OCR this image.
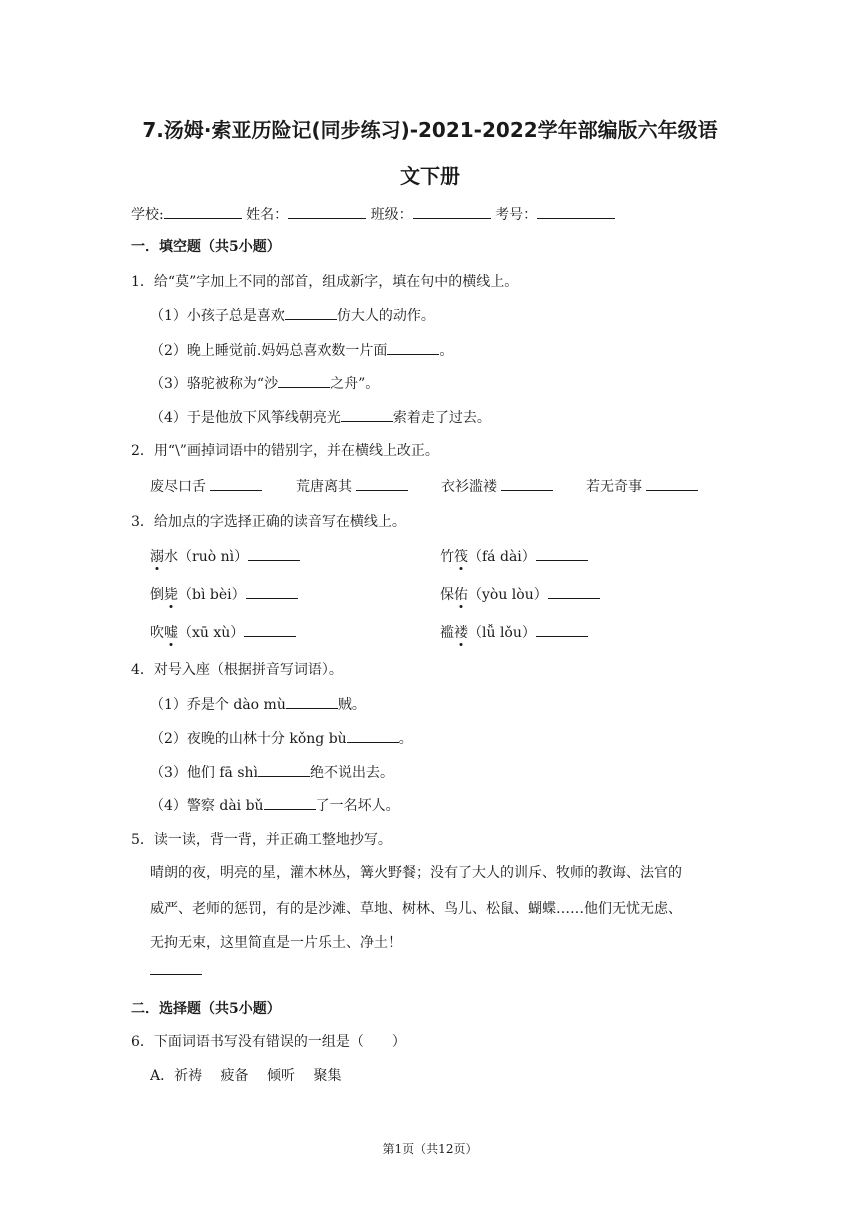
7.汤姆·索亚历险记(同步练习)-2021-2022学年部编版六年级语
文下册
学校:	姓名：	班级：	考号：
一．填空题（共5小题）
1．给“莫”字加上不同的部首，组成新字，填在句中的横线上。
（1）小孩子总是喜欢	仿大人的动作。
（2）晚上睡觉前.妈妈总喜欢数一片面	。
（3）骆驼被称为“沙	之舟”。
（4）于是他放下风筝线朝亮光	索着走了过去。
2．用“\”画掉词语中的错别字，并在横线上改正。
废尽口舌	荒唐离其	衣衫滥褛	若无奇事
3．给加点的字选择正确的读音写在横线上。
溺水（ruò nì）	竹筏（fá dài）
倒毙（bì bèi）	保佑（yòu lòu）
吹嘘（xū xù）	褴褛（lǚ lǒu）
4．对号入座（根据拼音写词语）。
（1）乔是个 dào mù	贼。
（2）夜晚的山林十分 kǒng bù	。
（3）他们 fā shì	绝不说出去。
（4）警察 dài bǔ	了一名坏人。
5．读一读，背一背，并正确工整地抄写。
晴朗的夜，明亮的星，灌木林丛，篝火野餐；没有了大人的训斥、牧师的教诲、法官的
威严、老师的惩罚，有的是沙滩、草地、树林、鸟儿、松鼠、蝴蝶……他们无忧无虑、
无拘无束，这里简直是一片乐土、净土！
二．选择题（共5小题）
6．下面词语书写没有错误的一组是（　　）
A．祈祷　 疲备　 倾听　 聚集
第1页（共12页）
